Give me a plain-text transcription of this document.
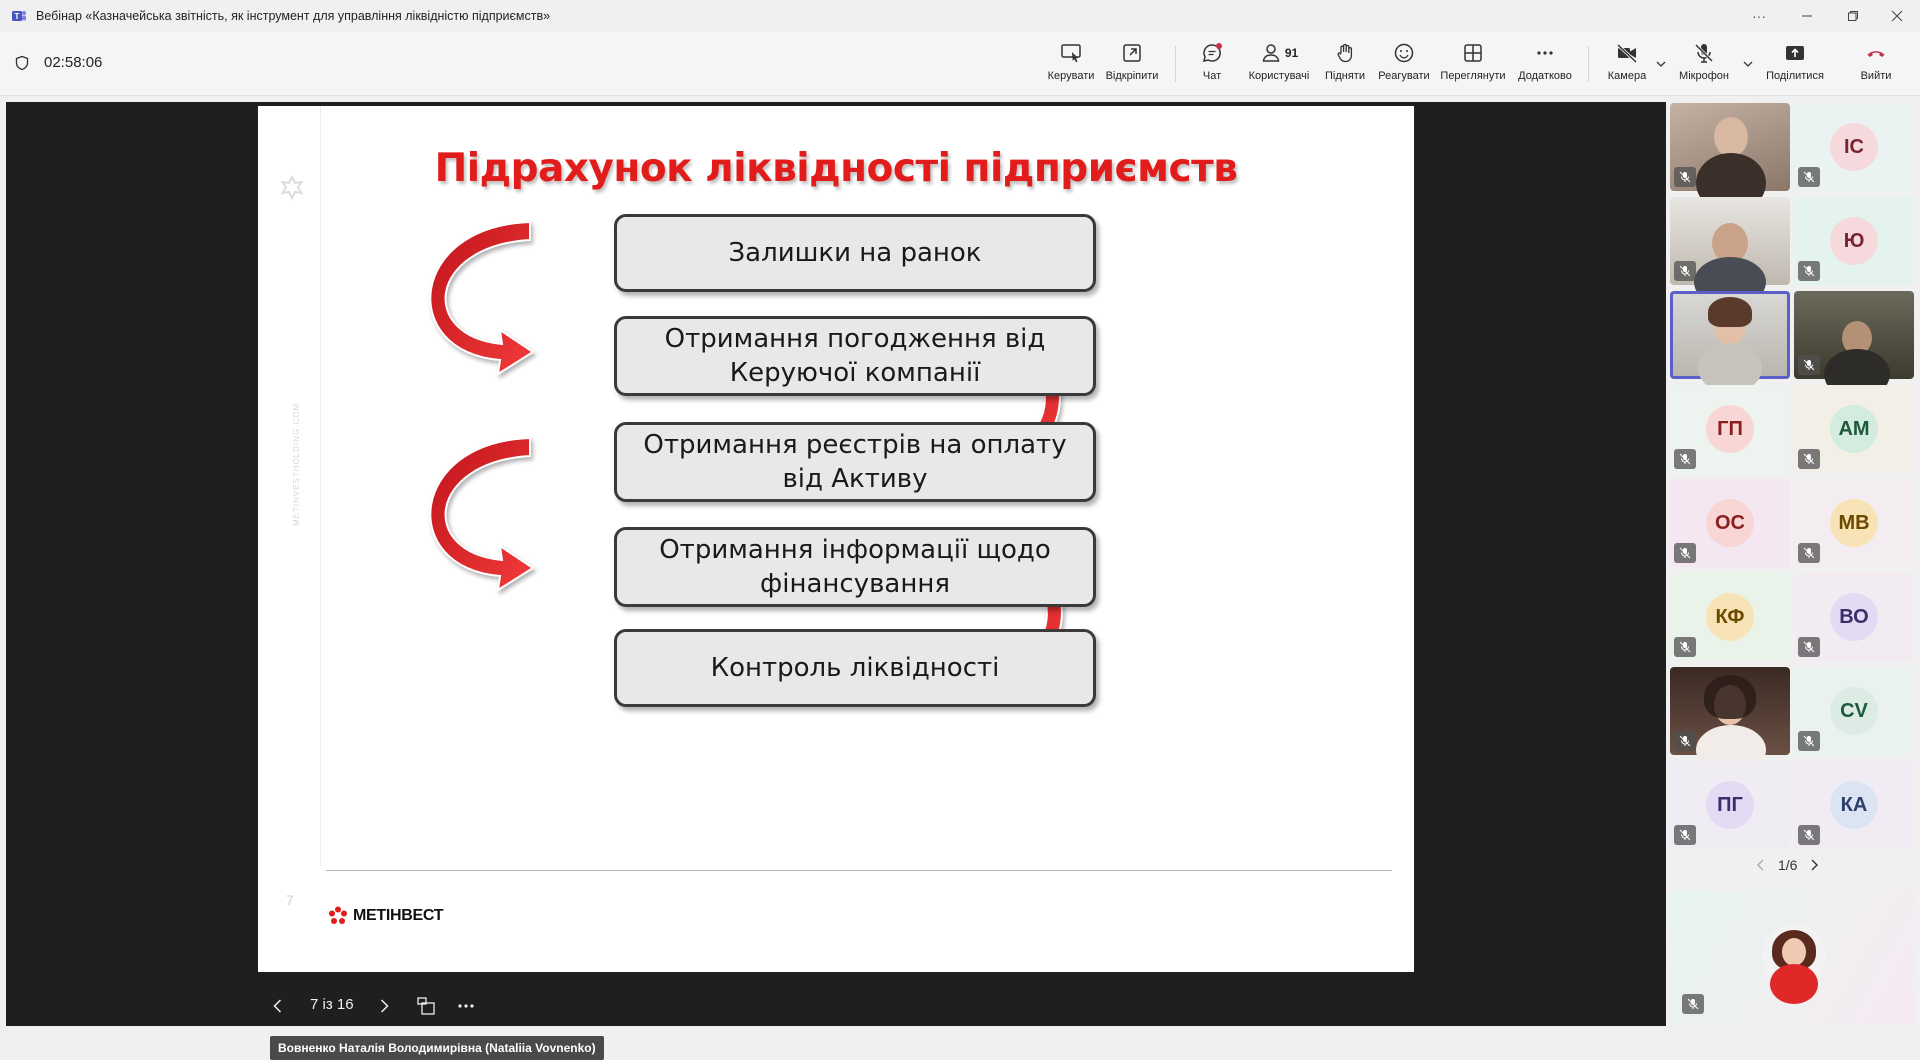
T Вебінар «Казначейська звітність, як інструмент для управління ліквідністю підприємств»	···
02:58:06
Керувати Відкріпити	Чат
91
Користувачі Підняти Реагувати Переглянути Додатково	Камера	Мікрофон	Поділитися	Вийти
METINVESTHOLDING.COM
Підрахунок ліквідності підприємств
Залишки на ранок
Отримання погодження від Керуючої компанії
Отримання реєстрів на оплату від Активу
Отримання інформації щодо фінансування
Контроль ліквідності
7
МЕТІНВЕСТ
Вовненко Наталія Володимирівна (Nataliia Vovnenko)
7 із 16
ІС
Ю
ГП	АМ
ОС	МВ
КФ	ВО
CV
ПГ	КА
1/6
